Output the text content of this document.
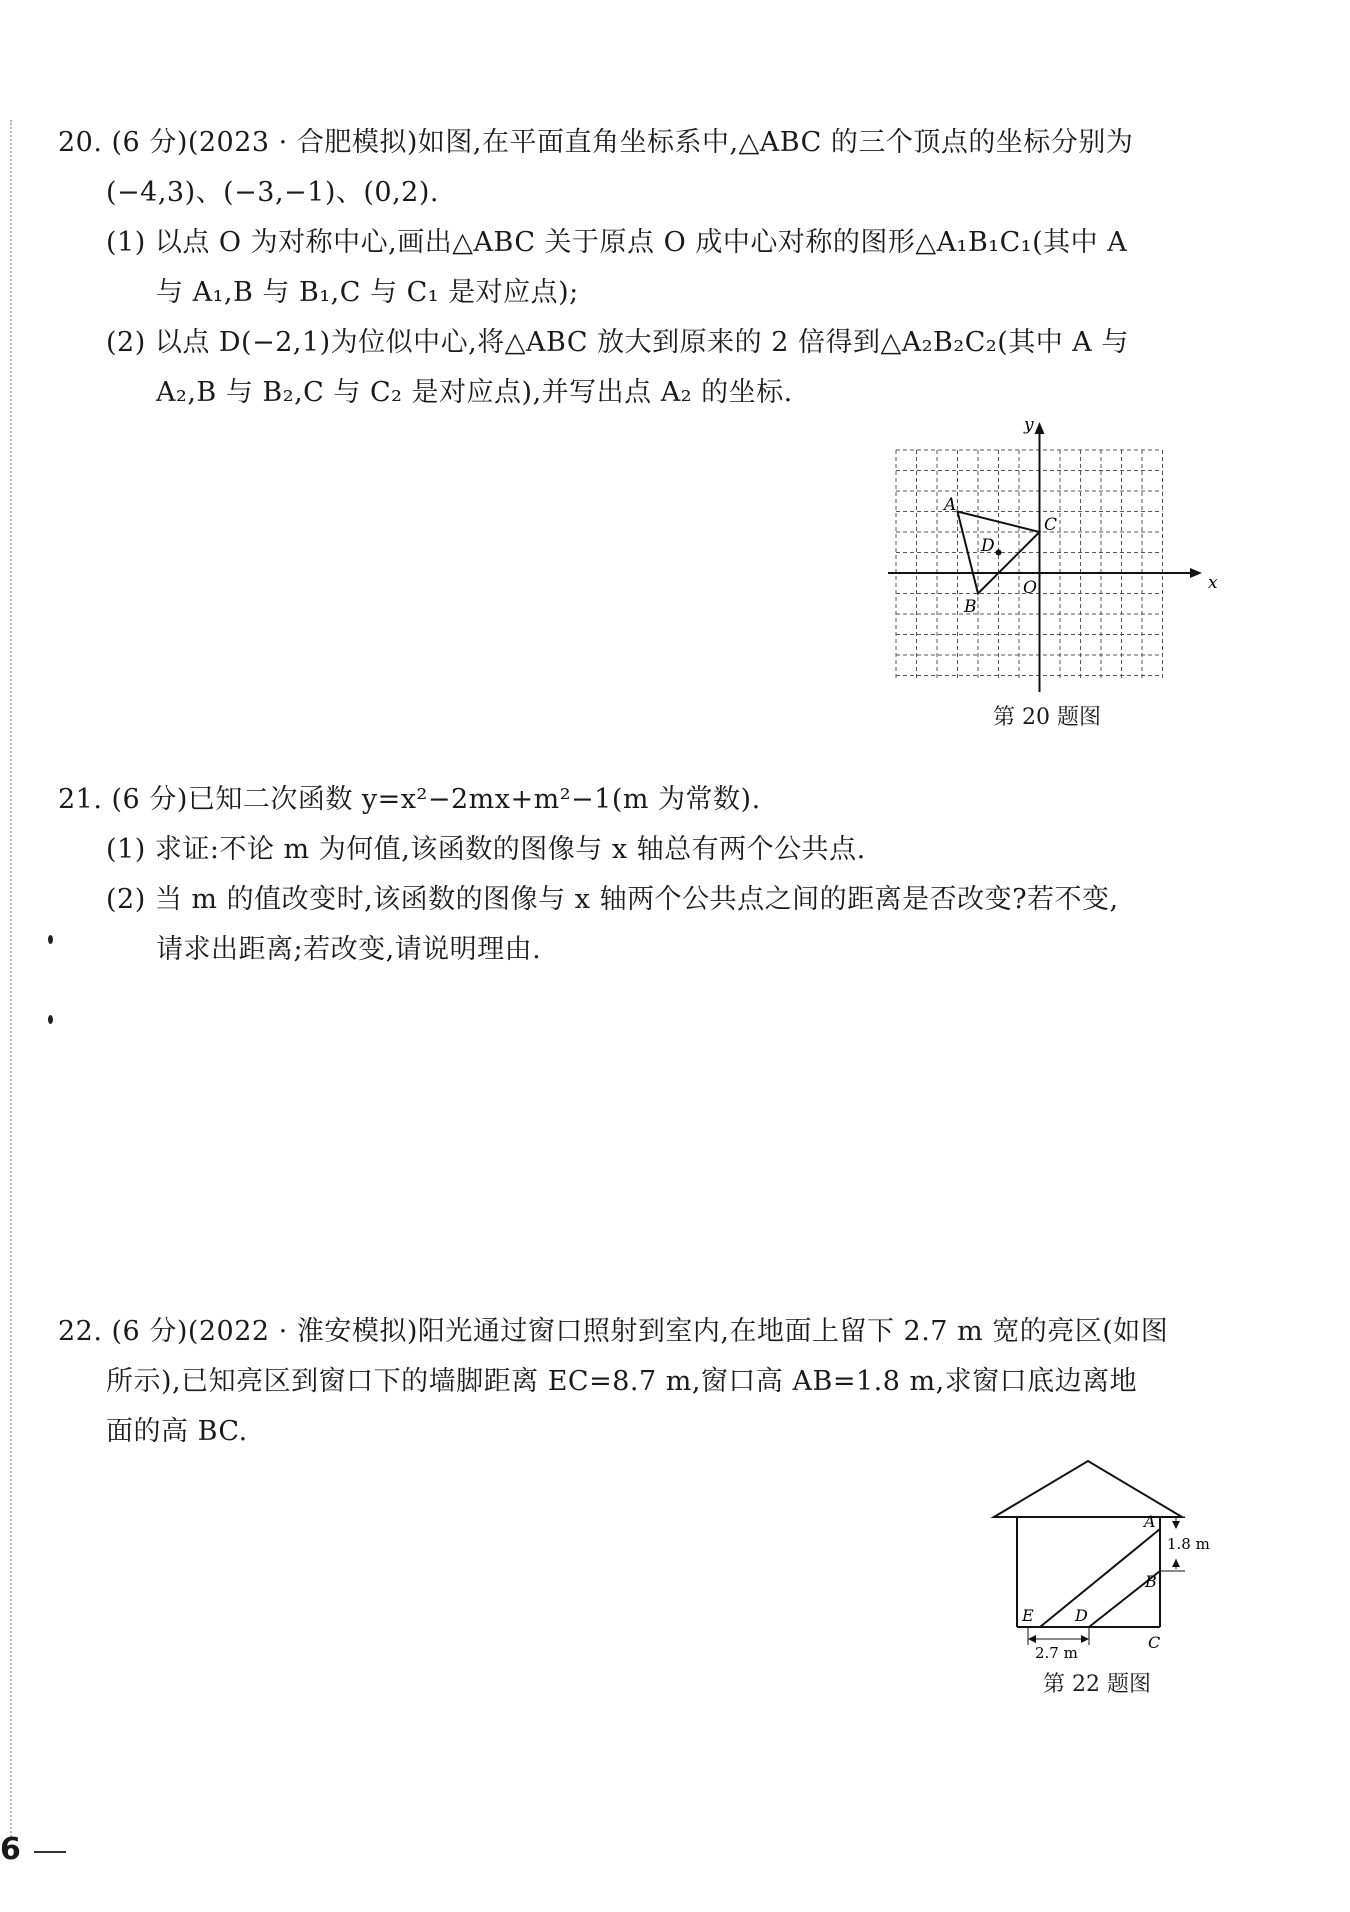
20. (6 分)(2023 · 合肥模拟)如图,在平面直角坐标系中,△ABC 的三个顶点的坐标分别为
(−4,3)、(−3,−1)、(0,2).
(1) 以点 O 为对称中心,画出△ABC 关于原点 O 成中心对称的图形△A₁B₁C₁(其中 A
与 A₁,B 与 B₁,C 与 C₁ 是对应点);
(2) 以点 D(−2,1)为位似中心,将△ABC 放大到原来的 2 倍得到△A₂B₂C₂(其中 A 与
A₂,B 与 B₂,C 与 C₂ 是对应点),并写出点 A₂ 的坐标.
x
y
O
A
B
C
D
第 20 题图
21. (6 分)已知二次函数 y=x²−2mx+m²−1(m 为常数).
(1) 求证:不论 m 为何值,该函数的图像与 x 轴总有两个公共点.
(2) 当 m 的值改变时,该函数的图像与 x 轴两个公共点之间的距离是否改变?若不变,
请求出距离;若改变,请说明理由.
22. (6 分)(2022 · 淮安模拟)阳光通过窗口照射到室内,在地面上留下 2.7 m 宽的亮区(如图
所示),已知亮区到窗口下的墙脚距离 EC=8.7 m,窗口高 AB=1.8 m,求窗口底边离地
面的高 BC.
A
B
C
D
E
1.8 m
2.7 m
第 22 题图
6
